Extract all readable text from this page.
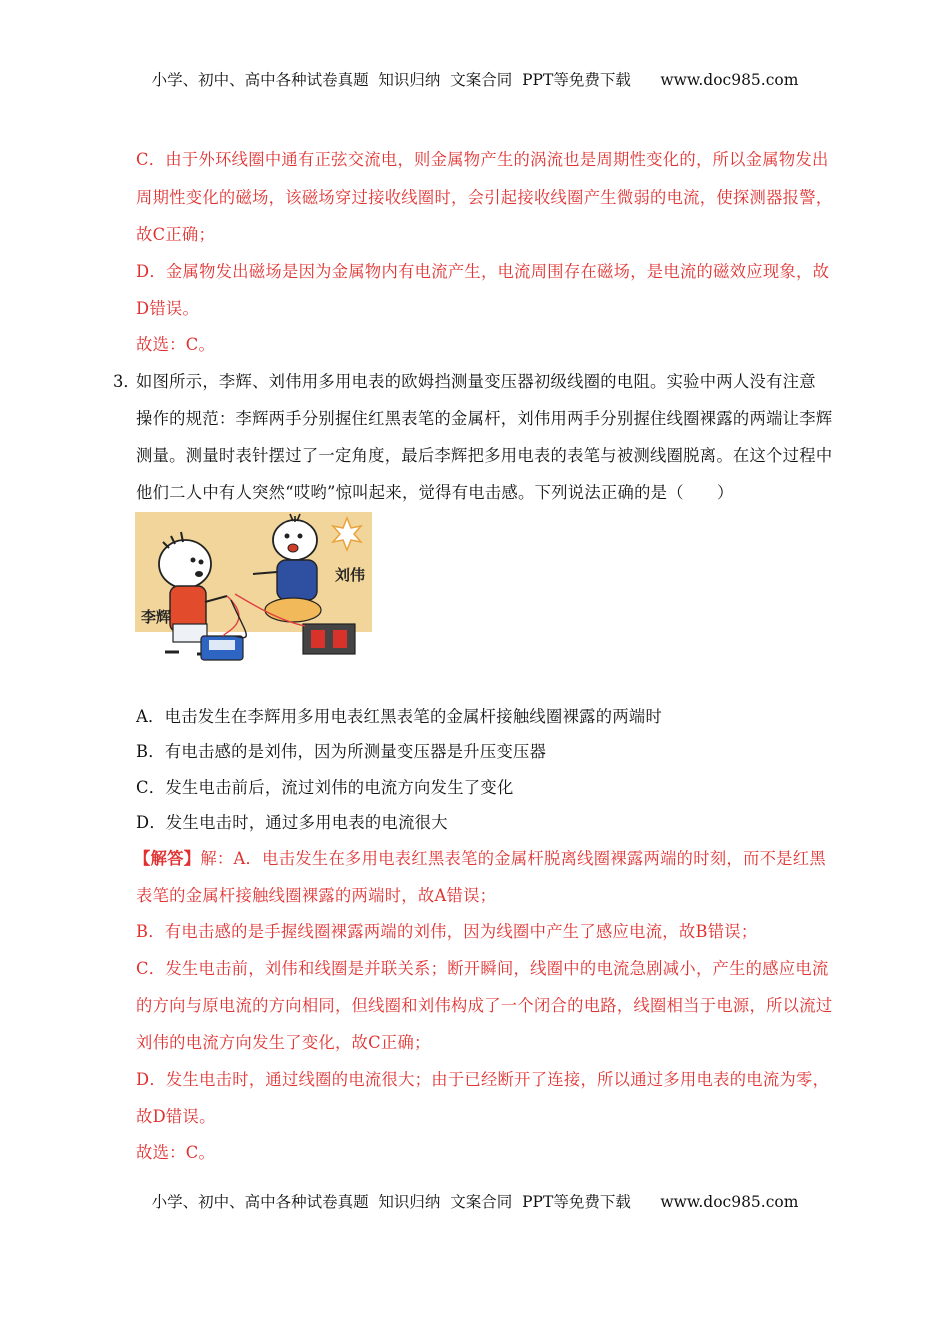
小学、初中、高中各种试卷真题  知识归纳  文案合同  PPT等免费下载      www.doc985.com
C．由于外环线圈中通有正弦交流电，则金属物产生的涡流也是周期性变化的，所以金属物发出
周期性变化的磁场，该磁场穿过接收线圈时，会引起接收线圈产生微弱的电流，使探测器报警，
故C正确；
D．金属物发出磁场是因为金属物内有电流产生，电流周围存在磁场，是电流的磁效应现象，故
D错误。
故选：C。
3．
如图所示，李辉、刘伟用多用电表的欧姆挡测量变压器初级线圈的电阻。实验中两人没有注意
操作的规范：李辉两手分别握住红黑表笔的金属杆，刘伟用两手分别握住线圈裸露的两端让李辉
测量。测量时表针摆过了一定角度，最后李辉把多用电表的表笔与被测线圈脱离。在这个过程中
他们二人中有人突然“哎哟”惊叫起来，觉得有电击感。下列说法正确的是（　　）
李辉
刘伟
A．电击发生在李辉用多用电表红黑表笔的金属杆接触线圈裸露的两端时
B．有电击感的是刘伟，因为所测量变压器是升压变压器
C．发生电击前后，流过刘伟的电流方向发生了变化
D．发生电击时，通过多用电表的电流很大
【解答】解：A．电击发生在多用电表红黑表笔的金属杆脱离线圈裸露两端的时刻，而不是红黑
表笔的金属杆接触线圈裸露的两端时，故A错误；
B．有电击感的是手握线圈裸露两端的刘伟，因为线圈中产生了感应电流，故B错误；
C．发生电击前，刘伟和线圈是并联关系；断开瞬间，线圈中的电流急剧减小，产生的感应电流
的方向与原电流的方向相同，但线圈和刘伟构成了一个闭合的电路，线圈相当于电源，所以流过
刘伟的电流方向发生了变化，故C正确；
D．发生电击时，通过线圈的电流很大；由于已经断开了连接，所以通过多用电表的电流为零，
故D错误。
故选：C。
小学、初中、高中各种试卷真题  知识归纳  文案合同  PPT等免费下载      www.doc985.com
